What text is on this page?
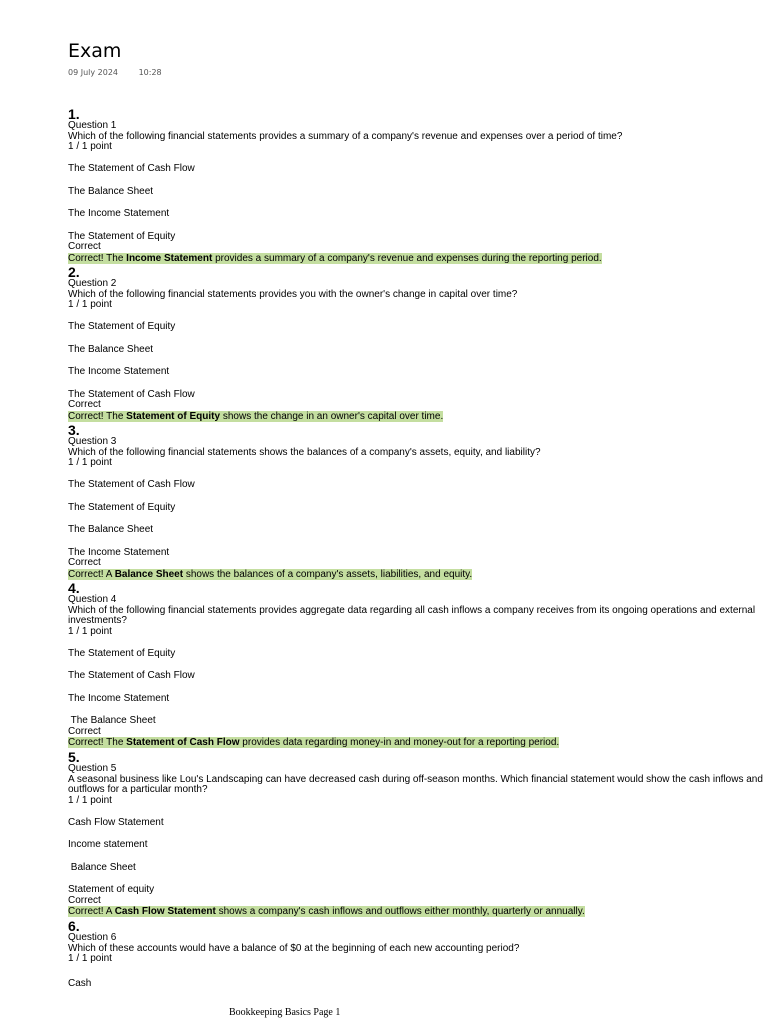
Exam
09 July 2024	10:28
1.
Question 1
Which of the following financial statements provides a summary of a company's revenue and expenses over a period of time?
1 / 1 point
The Statement of Cash Flow
The Balance Sheet
The Income Statement
The Statement of Equity
Correct
Correct! The Income Statement provides a summary of a company's revenue and expenses during the reporting period.
2.
Question 2
Which of the following financial statements provides you with the owner's change in capital over time?
1 / 1 point
The Statement of Equity
The Balance Sheet
The Income Statement
The Statement of Cash Flow
Correct
Correct! The Statement of Equity shows the change in an owner's capital over time.
3.
Question 3
Which of the following financial statements shows the balances of a company's assets, equity, and liability?
1 / 1 point
The Statement of Cash Flow
The Statement of Equity
The Balance Sheet
The Income Statement
Correct
Correct! A Balance Sheet shows the balances of a company's assets, liabilities, and equity.
4.
Question 4
Which of the following financial statements provides aggregate data regarding all cash inflows a company receives from its ongoing operations and external investments?
1 / 1 point
The Statement of Equity
The Statement of Cash Flow
The Income Statement
The Balance Sheet
Correct
Correct! The Statement of Cash Flow provides data regarding money-in and money-out for a reporting period.
5.
Question 5
A seasonal business like Lou's Landscaping can have decreased cash during off-season months. Which financial statement would show the cash inflows and outflows for a particular month?
1 / 1 point
Cash Flow Statement
Income statement
Balance Sheet
Statement of equity
Correct
Correct! A Cash Flow Statement shows a company's cash inflows and outflows either monthly, quarterly or annually.
6.
Question 6
Which of these accounts would have a balance of $0 at the beginning of each new accounting period?
1 / 1 point
Cash
Bookkeeping Basics Page 1
